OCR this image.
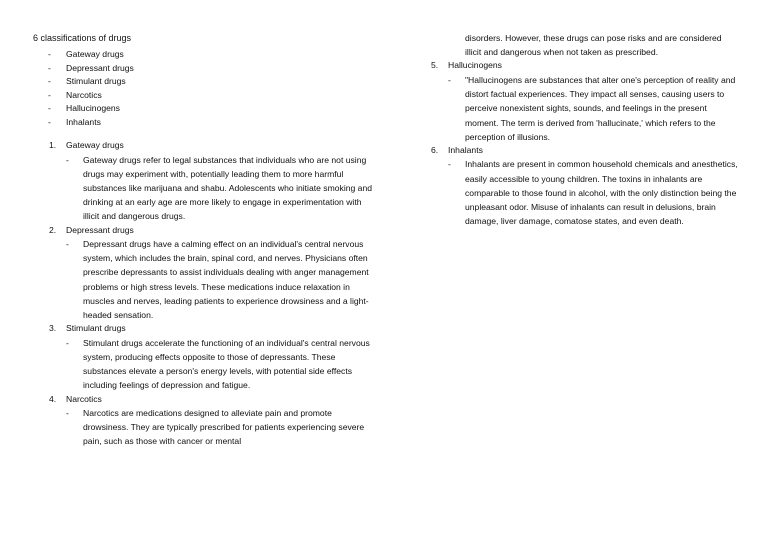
6 classifications of drugs
- Gateway drugs
- Depressant drugs
- Stimulant drugs
- Narcotics
- Hallucinogens
- Inhalants
1. Gateway drugs
- Gateway drugs refer to legal substances that individuals who are not using drugs may experiment with, potentially leading them to more harmful substances like marijuana and shabu. Adolescents who initiate smoking and drinking at an early age are more likely to engage in experimentation with illicit and dangerous drugs.
2. Depressant drugs
- Depressant drugs have a calming effect on an individual's central nervous system, which includes the brain, spinal cord, and nerves. Physicians often prescribe depressants to assist individuals dealing with anger management problems or high stress levels. These medications induce relaxation in muscles and nerves, leading patients to experience drowsiness and a light-headed sensation.
3. Stimulant drugs
- Stimulant drugs accelerate the functioning of an individual's central nervous system, producing effects opposite to those of depressants. These substances elevate a person's energy levels, with potential side effects including feelings of depression and fatigue.
4. Narcotics
- Narcotics are medications designed to alleviate pain and promote drowsiness. They are typically prescribed for patients experiencing severe pain, such as those with cancer or mental
disorders. However, these drugs can pose risks and are considered illicit and dangerous when not taken as prescribed.
5. Hallucinogens
- "Hallucinogens are substances that alter one's perception of reality and distort factual experiences. They impact all senses, causing users to perceive nonexistent sights, sounds, and feelings in the present moment. The term is derived from 'hallucinate,' which refers to the perception of illusions.
6. Inhalants
- Inhalants are present in common household chemicals and anesthetics, easily accessible to young children. The toxins in inhalants are comparable to those found in alcohol, with the only distinction being the unpleasant odor. Misuse of inhalants can result in delusions, brain damage, liver damage, comatose states, and even death.
